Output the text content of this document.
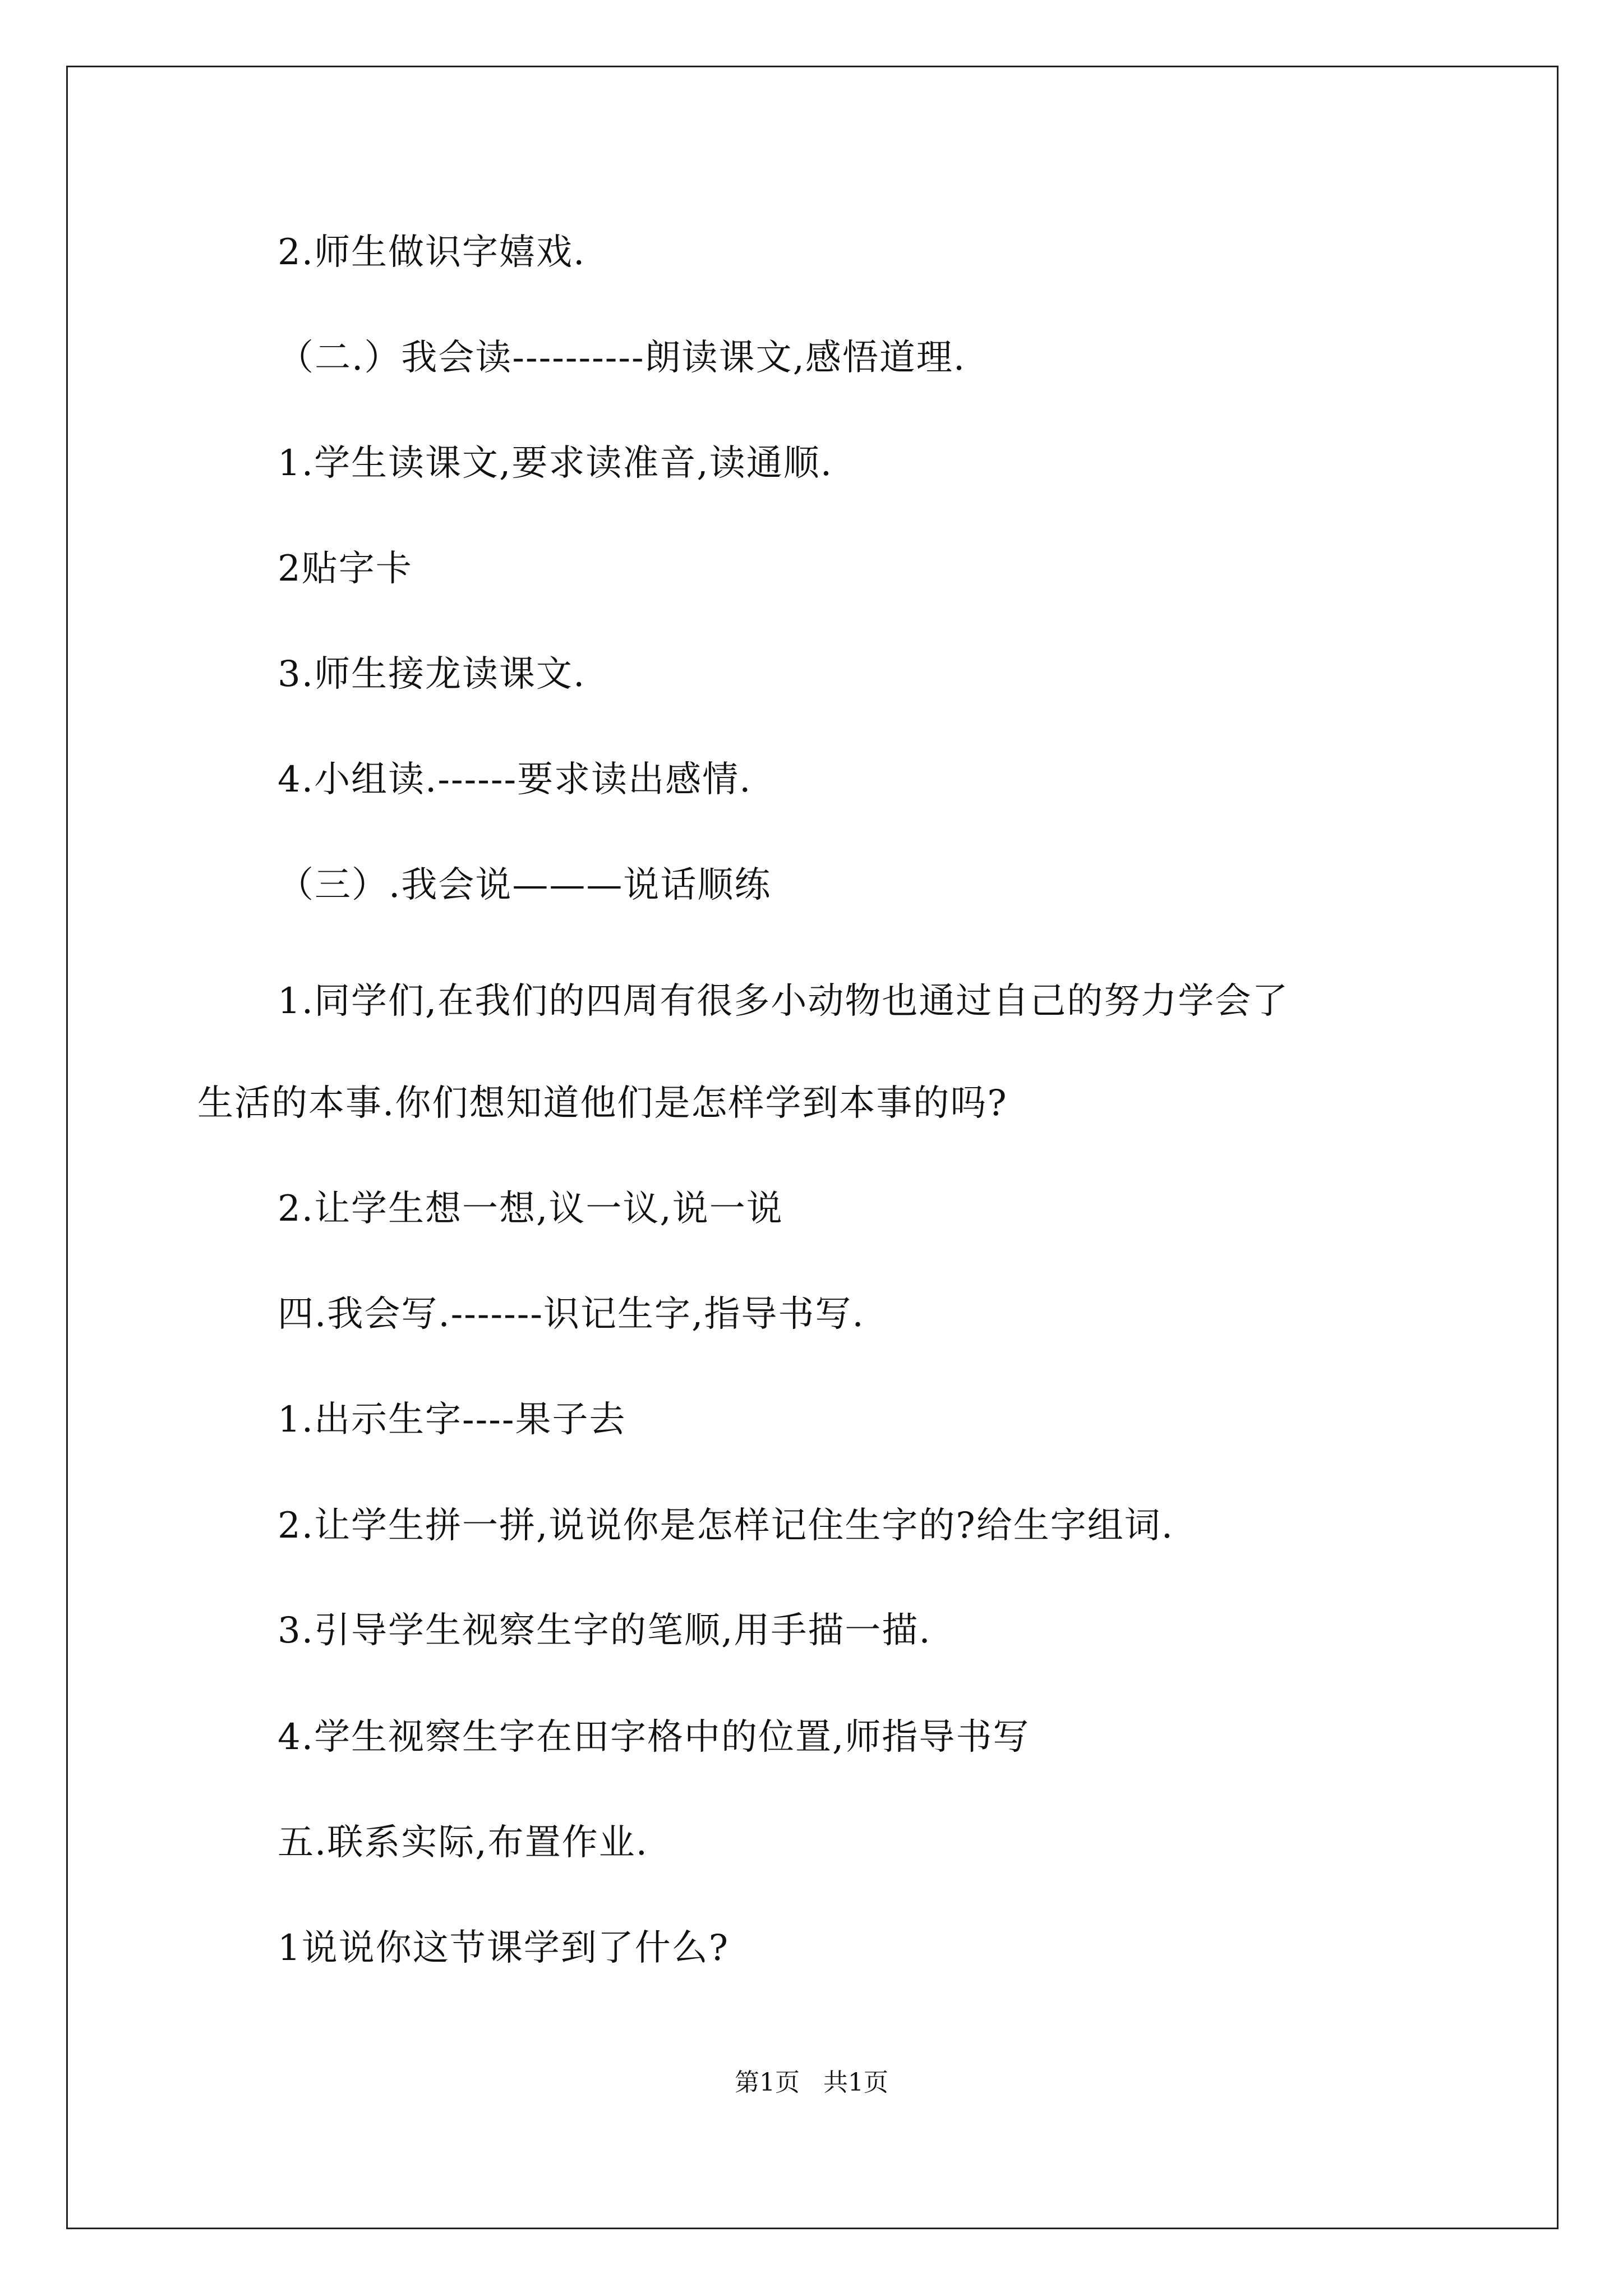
2.师生做识字嬉戏.
（二.）我会读----------朗读课文,感悟道理.
1.学生读课文,要求读准音,读通顺.
2贴字卡
3.师生接龙读课文.
4.小组读.------要求读出感情.
（三）.我会说———说话顺练
1.同学们,在我们的四周有很多小动物也通过自己的努力学会了
生活的本事.你们想知道他们是怎样学到本事的吗?
2.让学生想一想,议一议,说一说
四.我会写.-------识记生字,指导书写.
1.出示生字----果子去
2.让学生拼一拼,说说你是怎样记住生字的?给生字组词.
3.引导学生视察生字的笔顺,用手描一描.
4.学生视察生字在田字格中的位置,师指导书写
五.联系实际,布置作业.
1说说你这节课学到了什么?
第1页   共1页
